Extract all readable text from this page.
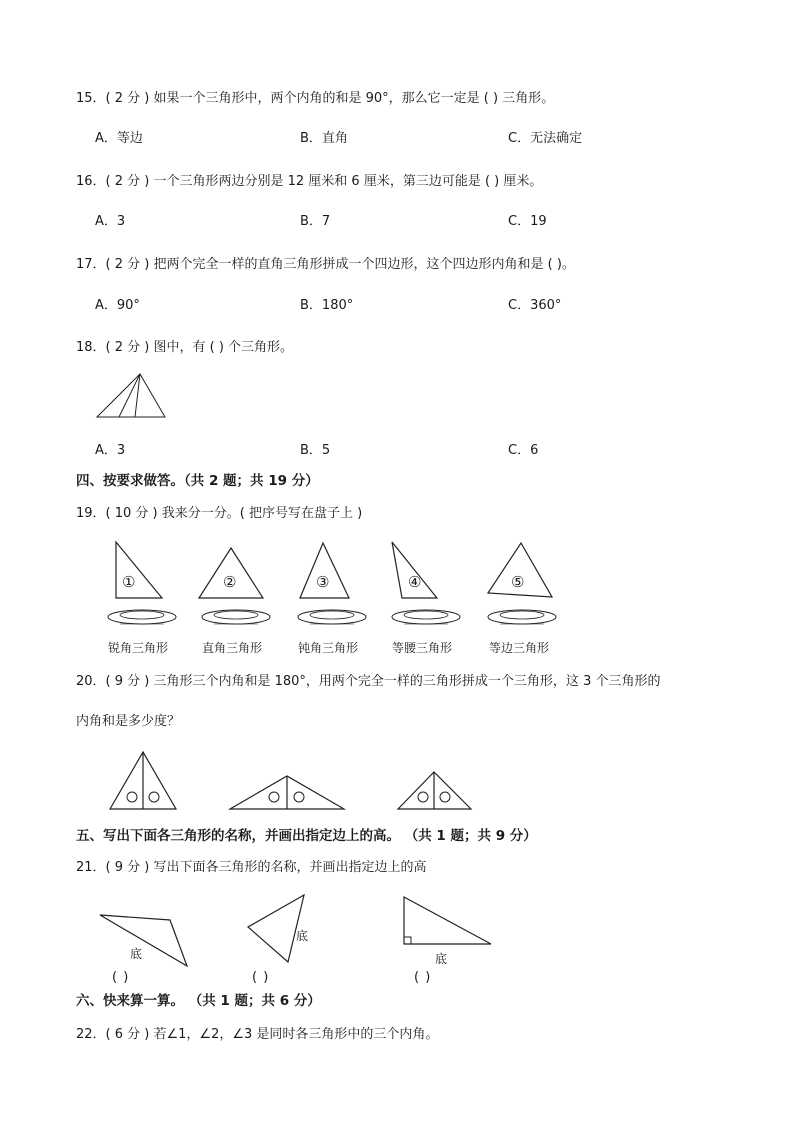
15．( 2 分 ) 如果一个三角形中，两个内角的和是 90°，那么它一定是 ( ) 三角形。
A．等边	B．直角	C．无法确定
16．( 2 分 ) 一个三角形两边分别是 12 厘米和 6 厘米，第三边可能是 ( ) 厘米。
A．3	B．7	C．19
17．( 2 分 ) 把两个完全一样的直角三角形拼成一个四边形，这个四边形内角和是 ( )。
A．90°	B．180°	C．360°
18．( 2 分 ) 图中，有 ( ) 个三角形。
A．3	B．5	C．6
四、按要求做答。（共 2 题；共 19 分）
19．( 10 分 ) 我来分一分。( 把序号写在盘子上 )
①	②	③	④	⑤
锐角三角形	直角三角形	钝角三角形	等腰三角形	等边三角形
20．( 9 分 ) 三角形三个内角和是 180°，用两个完全一样的三角形拼成一个三角形，这 3 个三角形的
内角和是多少度？
五、写出下面各三角形的名称，并画出指定边上的高。 （共 1 题；共 9 分）
21．( 9 分 ) 写出下面各三角形的名称，并画出指定边上的高
底
( )
底
( )
底
( )
六、快来算一算。 （共 1 题；共 6 分）
22．( 6 分 ) 若∠1，∠2，∠3 是同时各三角形中的三个内角。
